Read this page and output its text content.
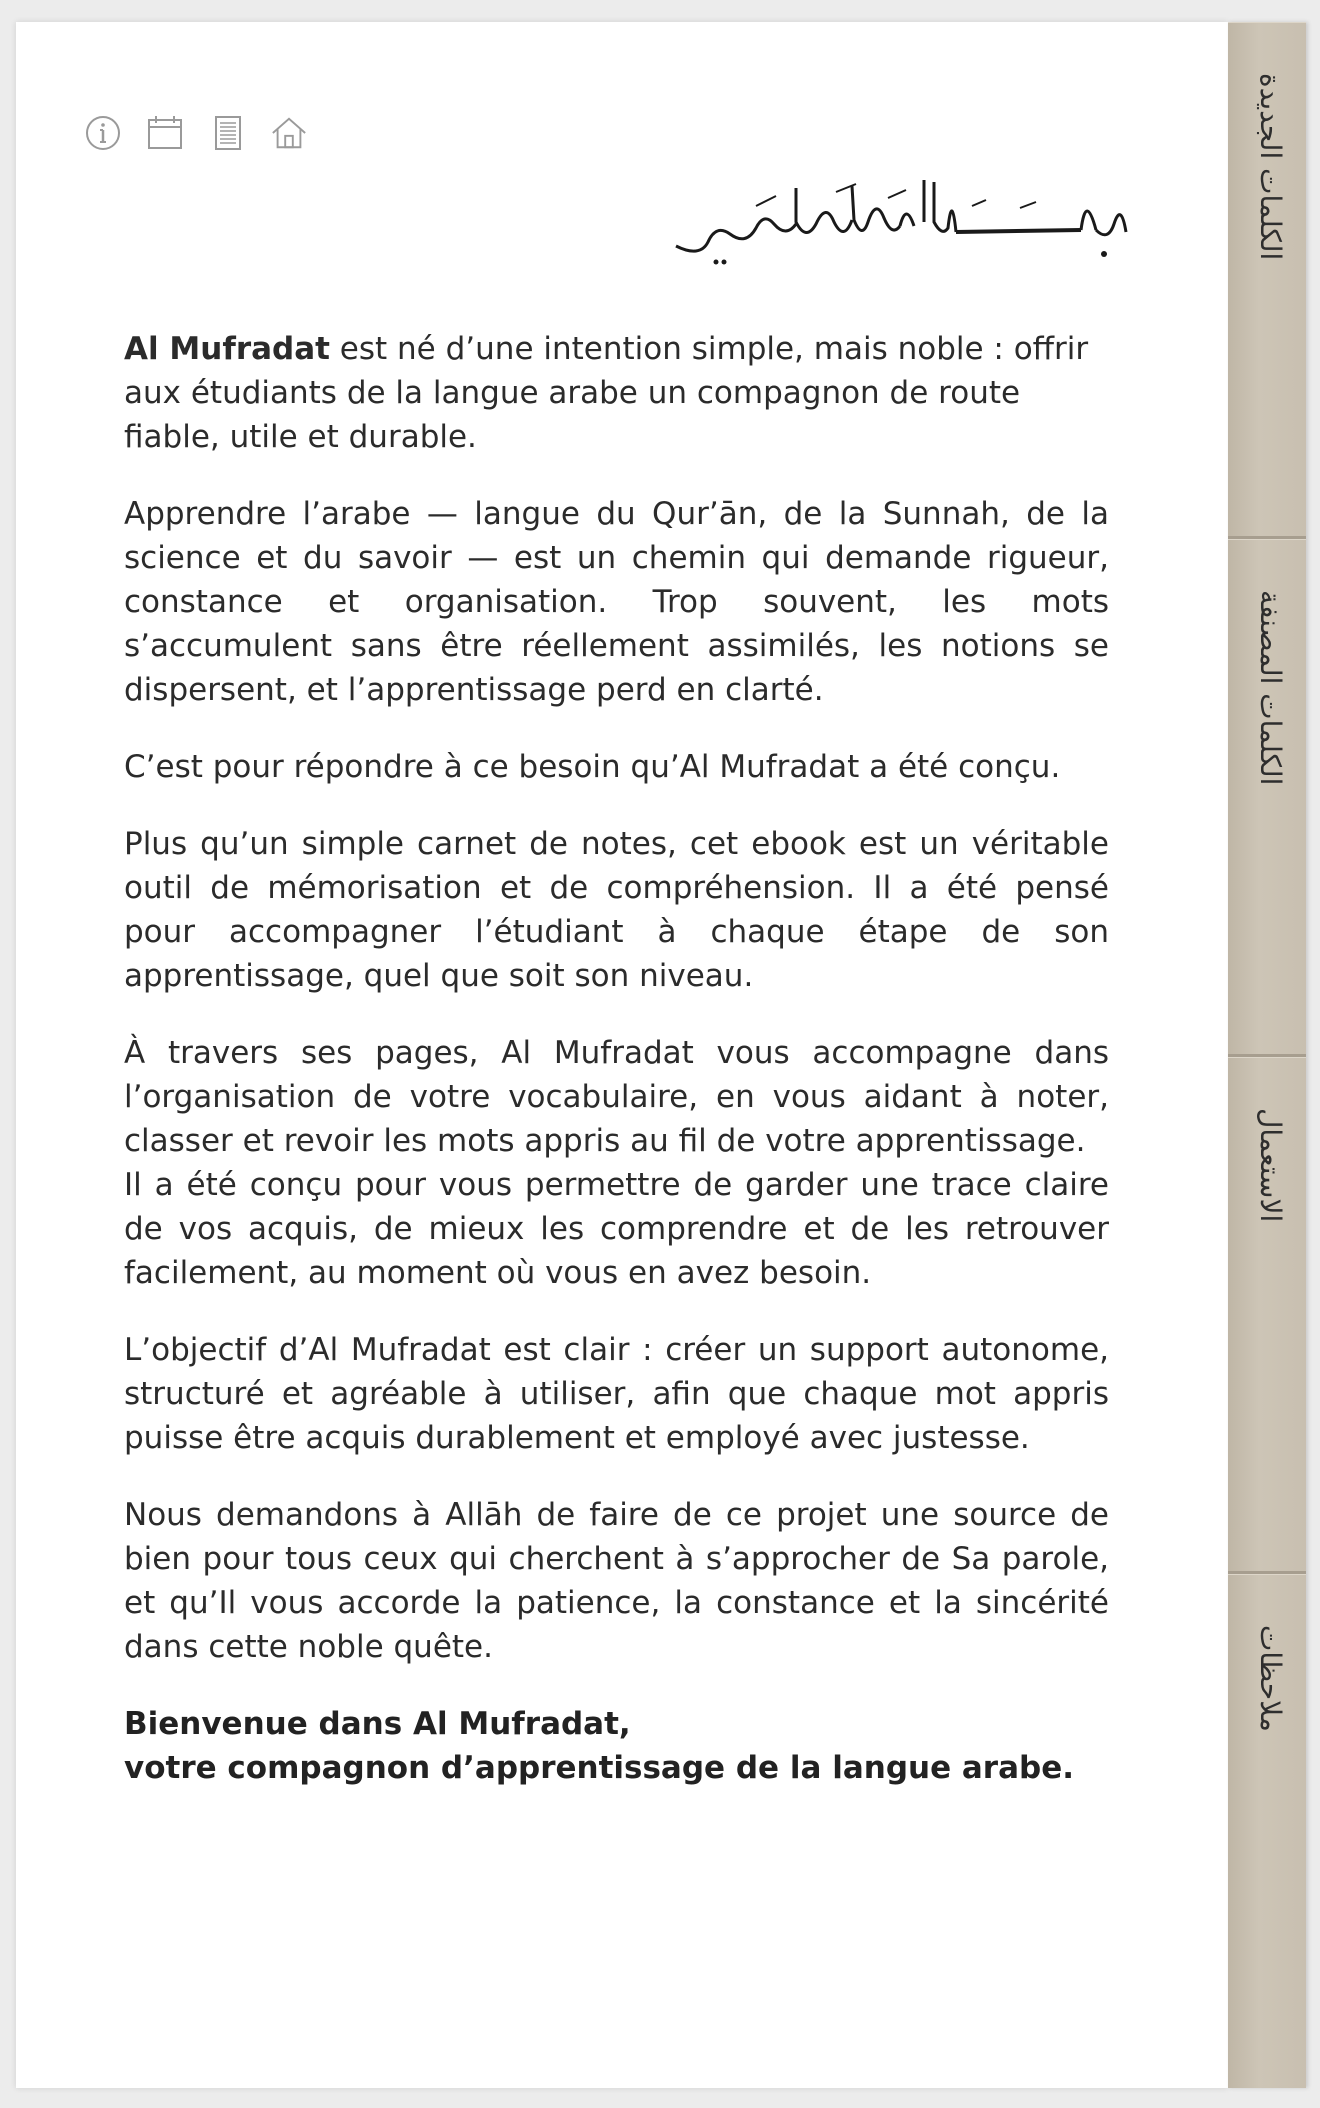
Al Mufradat est né d’une intention simple, mais noble : offrir aux étudiants de la langue arabe un compagnon de route fiable, utile et durable.

Apprendre l’arabe — langue du Qur’ān, de la Sunnah, de la science et du savoir — est un chemin qui demande rigueur, constance et organisation. Trop souvent, les mots s’accumulent sans être réellement assimilés, les notions se dispersent, et l’apprentissage perd en clarté.

C’est pour répondre à ce besoin qu’Al Mufradat a été conçu.

Plus qu’un simple carnet de notes, cet ebook est un véritable outil de mémorisation et de compréhension. Il a été pensé pour accompagner l’étudiant à chaque étape de son apprentissage, quel que soit son niveau.

À travers ses pages, Al Mufradat vous accompagne dans l’organisation de votre vocabulaire, en vous aidant à noter, classer et revoir les mots appris au fil de votre apprentissage.

Il a été conçu pour vous permettre de garder une trace claire de vos acquis, de mieux les comprendre et de les retrouver facilement, au moment où vous en avez besoin.

L’objectif d’Al Mufradat est clair : créer un support autonome, structuré et agréable à utiliser, afin que chaque mot appris puisse être acquis durablement et employé avec justesse.

Nous demandons à Allāh de faire de ce projet une source de bien pour tous ceux qui cherchent à s’approcher de Sa parole, et qu’Il vous accorde la patience, la constance et la sincérité dans cette noble quête.

Bienvenue dans Al Mufradat,

votre compagnon d’apprentissage de la langue arabe.

الكلمات الجديدة
الكلمات المصنفة
الاستعمال
ملاحظات
